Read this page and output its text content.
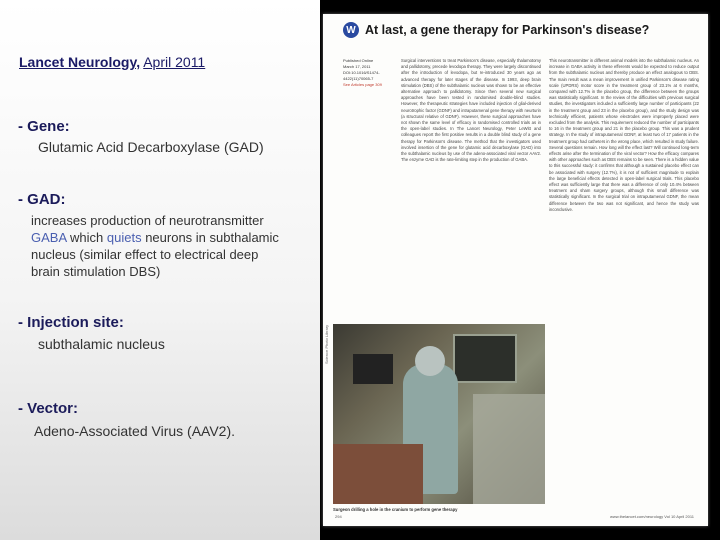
Lancet Neurology, April 2011
- Gene:
Glutamic Acid Decarboxylase (GAD)
- GAD:
increases production of neurotransmitter
GABA which quiets neurons in subthalamic
nucleus (similar effect to electrical deep
brain stimulation DBS)
- Injection site:
subthalamic nucleus
- Vector:
Adeno-Associated Virus (AAV2).
W At last, a gene therapy for Parkinson's disease?
Published Online
March 17, 2011
DOI:10.1016/S1474-
4422(11)70065-7
See Articles page 309
Surgical interventions to treat Parkinson's disease, especially thalamotomy and pallidotomy, precede levodopa therapy. They were largely discontinued after the introduction of levodopa, but re-introduced 30 years ago as advanced therapy for later stages of the disease. In 1993, deep brain stimulation (DBS) of the subthalamic nucleus was shown to be an effective alternative approach to pallidotomy. Since then several new surgical approaches have been tested in randomised double-blind studies. However, the therapeutic strategies have included injection of glial-derived neurotrophic factor (GDNF) and intraputamenal gene therapy with neurturin (a structural relative of GDNF). However, these surgical approaches have not shown the same level of efficacy in randomised controlled trials as in the open-label studies. In The Lancet Neurology, Peter LeWitt and colleagues report the first positive results in a double blind study of a gene therapy for Parkinson's disease. The method that the investigators used involved insertion of the gene for glutamic acid decarboxylase (GAD) into the subthalamic nucleus by use of the adeno-associated viral vector AAV2. The enzyme GAD is the rate-limiting step in the production of GABA.
This neurotransmitter in different animal models into the subthalamic nucleus. An increase in GABA activity in these efferents would be expected to reduce output from the subthalamic nucleus and thereby produce an effect analogous to DBS. The main result was a mean improvement in unified Parkinson's disease rating scale (UPDRS) motor score in the treatment group of 23.1% at 6 months, compared with 12.7% in the placebo group, the difference between the groups was statistically significant. In the review of the difficulties with previous surgical studies, the investigators included a sufficiently large number of participants (22 in the treatment group and 23 in the placebo group), and the study design was technically efficient, patients whose electrodes were improperly placed were excluded from the analysis. This requirement reduced the number of participants to 16 in the treatment group and 21 in the placebo group. This was a prudent strategy. In the study of intraputamenal GDNF, at least two of 17 patients in the treatment group had catheters in the wrong place, which resulted in study failure. Several questions remain. How long will the effect last? Will continued long-term effects arise after the termination of the viral vector? How the efficacy compares with other approaches such as DBS remains to be seen. There is a hidden value to this successful study: it confirms that although a sustained placebo effect can be associated with surgery (12.7%), it is not of sufficient magnitude to explain the large beneficial effects detected in open-label surgical trials. This placebo effect was sufficiently large that there was a difference of only 10.4% between treatment and sham surgery groups, although this small difference was statistically significant. In the surgical trial on intraputamenal GDNF, the mean difference between the two was not significant, and hence the study was inconclusive.
Surgeon drilling a hole in the cranium to perform gene therapy
Science Photo Library
294	www.thelancet.com/neurology Vol 10 April 2011
